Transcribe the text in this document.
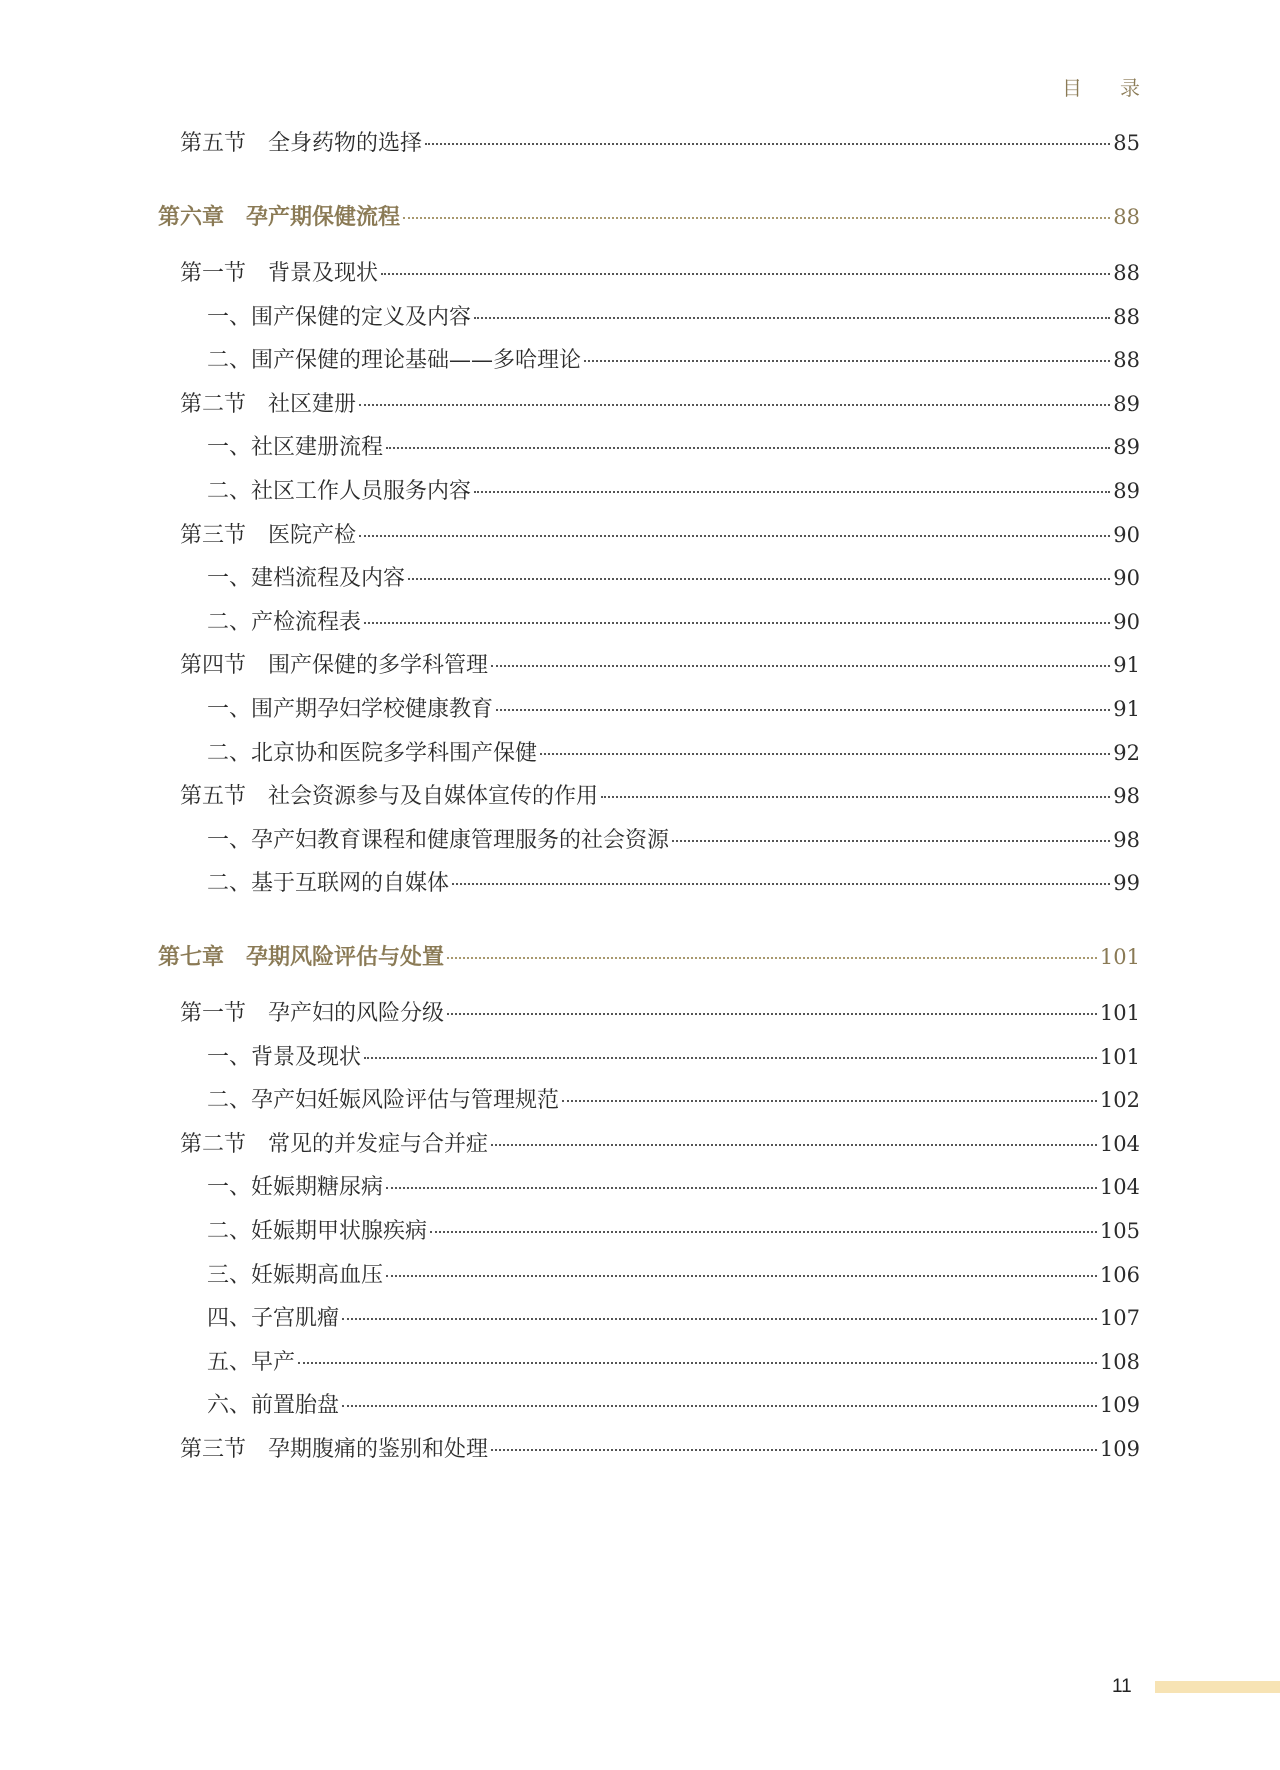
目 录
第五节　全身药物的选择	85
第六章　孕产期保健流程	88
第一节　背景及现状	88
一、围产保健的定义及内容	88
二、围产保健的理论基础——多哈理论	88
第二节　社区建册	89
一、社区建册流程	89
二、社区工作人员服务内容	89
第三节　医院产检	90
一、建档流程及内容	90
二、产检流程表	90
第四节　围产保健的多学科管理	91
一、围产期孕妇学校健康教育	91
二、北京协和医院多学科围产保健	92
第五节　社会资源参与及自媒体宣传的作用	98
一、孕产妇教育课程和健康管理服务的社会资源	98
二、基于互联网的自媒体	99
第七章　孕期风险评估与处置	101
第一节　孕产妇的风险分级	101
一、背景及现状	101
二、孕产妇妊娠风险评估与管理规范	102
第二节　常见的并发症与合并症	104
一、妊娠期糖尿病	104
二、妊娠期甲状腺疾病	105
三、妊娠期高血压	106
四、子宫肌瘤	107
五、早产	108
六、前置胎盘	109
第三节　孕期腹痛的鉴别和处理	109
11
